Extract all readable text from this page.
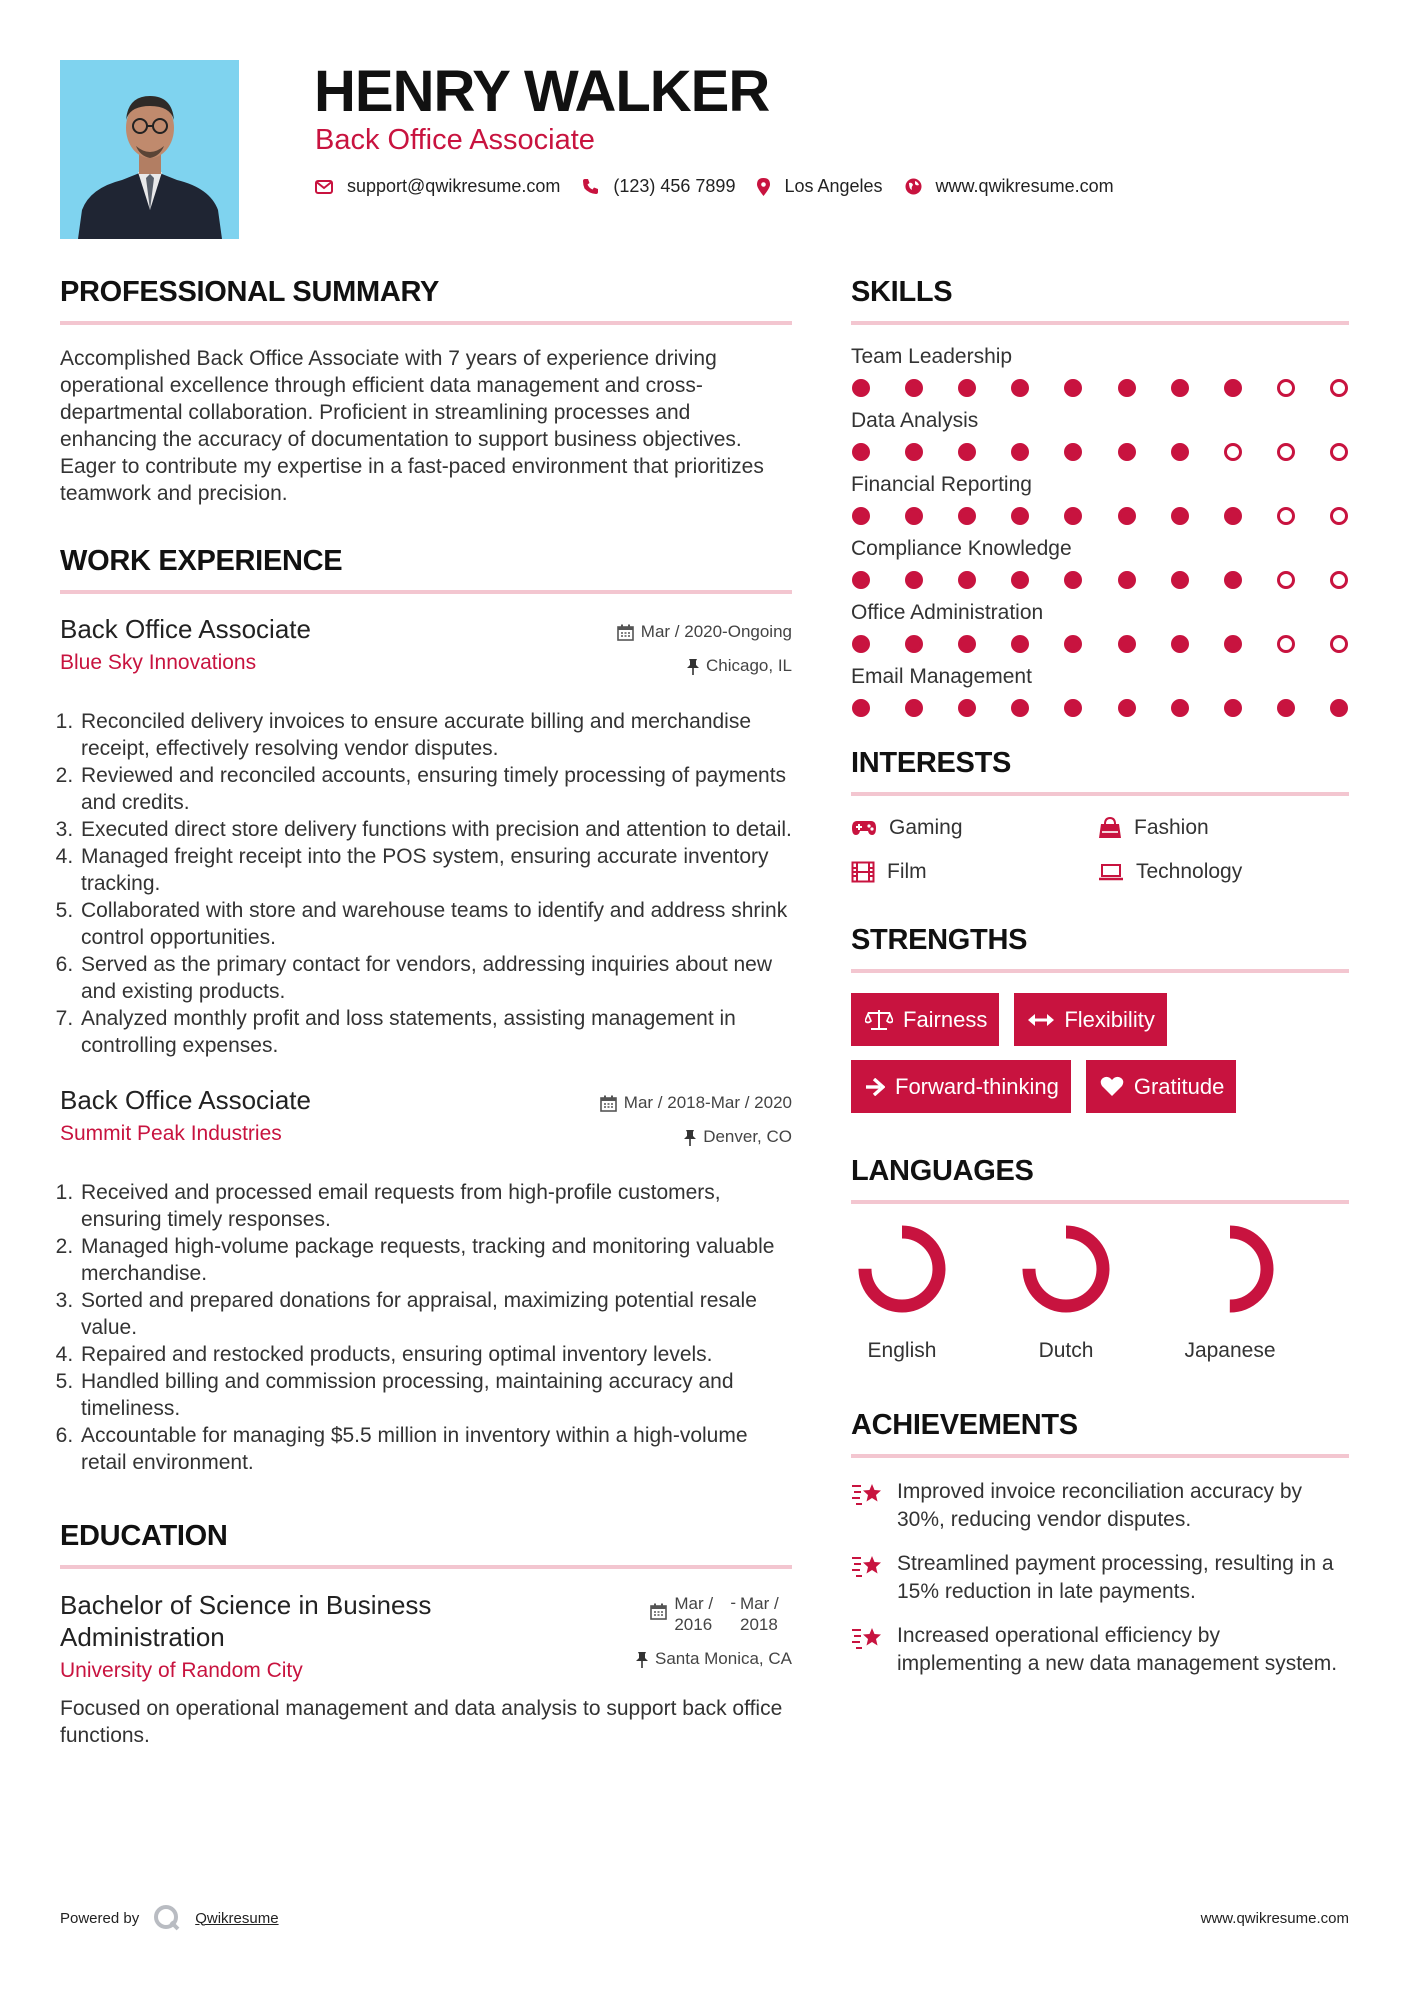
HENRY WALKER
Back Office Associate
support@qwikresume.com	(123) 456 7899	Los Angeles	www.qwikresume.com
PROFESSIONAL SUMMARY

Accomplished Back Office Associate with 7 years of experience driving operational excellence through efficient data management and cross-departmental collaboration. Proficient in streamlining processes and enhancing the accuracy of documentation to support business objectives. Eager to contribute my expertise in a fast-paced environment that prioritizes teamwork and precision.

WORK EXPERIENCE
Back Office Associate
Blue Sky Innovations
Mar / 2020-Ongoing
Chicago, IL
1. Reconciled delivery invoices to ensure accurate billing and merchandise receipt, effectively resolving vendor disputes.
2. Reviewed and reconciled accounts, ensuring timely processing of payments and credits.
3. Executed direct store delivery functions with precision and attention to detail.
4. Managed freight receipt into the POS system, ensuring accurate inventory tracking.
5. Collaborated with store and warehouse teams to identify and address shrink control opportunities.
6. Served as the primary contact for vendors, addressing inquiries about new and existing products.
7. Analyzed monthly profit and loss statements, assisting management in controlling expenses.
Back Office Associate
Summit Peak Industries
Mar / 2018-Mar / 2020
Denver, CO
1. Received and processed email requests from high-profile customers, ensuring timely responses.
2. Managed high-volume package requests, tracking and monitoring valuable merchandise.
3. Sorted and prepared donations for appraisal, maximizing potential resale value.
4. Repaired and restocked products, ensuring optimal inventory levels.
5. Handled billing and commission processing, maintaining accuracy and timeliness.
6. Accountable for managing $5.5 million in inventory within a high-volume retail environment.
EDUCATION
Bachelor of Science in Business Administration
University of Random City
Mar / 2016
- Mar / 2018
Santa Monica, CA

Focused on operational management and data analysis to support back office functions.

SKILLS
Team Leadership
Data Analysis
Financial Reporting
Compliance Knowledge
Office Administration
Email Management
INTERESTS
Gaming	Fashion
Film	Technology
STRENGTHS
Fairness	Flexibility
Forward-thinking	Gratitude
LANGUAGES
English	Dutch	Japanese
ACHIEVEMENTS
Improved invoice reconciliation accuracy by 30%, reducing vendor disputes.
Streamlined payment processing, resulting in a 15% reduction in late payments.
Increased operational efficiency by implementing a new data management system.
Powered by	Qwikresume	www.qwikresume.com
